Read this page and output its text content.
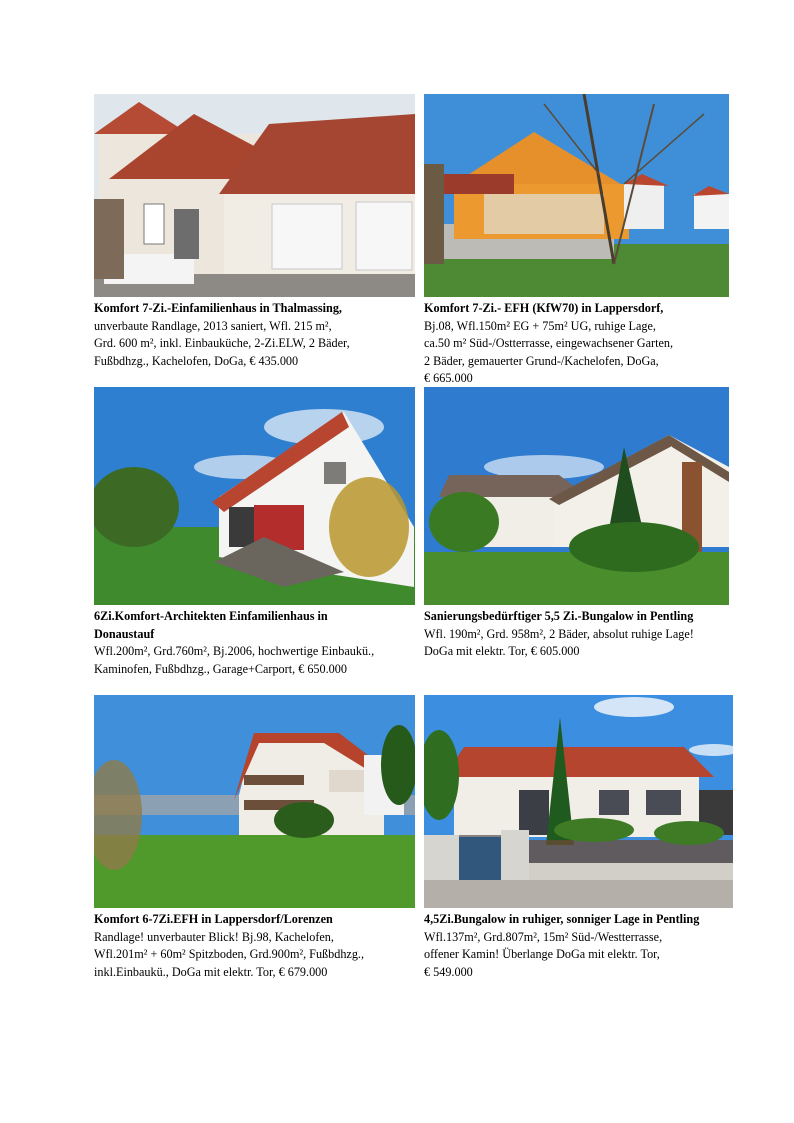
Komfort 7-Zi.-Einfamilienhaus in Thalmassing,
unverbaute Randlage, 2013 saniert, Wfl. 215 m²,
Grd. 600 m², inkl. Einbauküche, 2-Zi.ELW, 2 Bäder,
Fußbdhzg., Kachelofen, DoGa, € 435.000
Komfort 7-Zi.- EFH (KfW70) in Lappersdorf,
Bj.08, Wfl.150m² EG + 75m² UG, ruhige Lage,
ca.50 m² Süd-/Ostterrasse, eingewachsener Garten,
2 Bäder, gemauerter Grund-/Kachelofen, DoGa,
€ 665.000
6Zi.Komfort-Architekten Einfamilienhaus in
Donaustauf
Wfl.200m², Grd.760m², Bj.2006, hochwertige Einbaukü.,
Kaminofen, Fußbdhzg., Garage+Carport, € 650.000
Sanierungsbedürftiger 5,5 Zi.-Bungalow in Pentling
Wfl. 190m², Grd. 958m², 2 Bäder, absolut ruhige Lage!
DoGa mit elektr. Tor, € 605.000
Komfort 6-7Zi.EFH in Lappersdorf/Lorenzen
Randlage! unverbauter Blick! Bj.98, Kachelofen,
Wfl.201m² + 60m² Spitzboden, Grd.900m², Fußbdhzg.,
inkl.Einbaukü., DoGa mit elektr. Tor, € 679.000
4,5Zi.Bungalow in ruhiger, sonniger Lage in Pentling
Wfl.137m², Grd.807m², 15m² Süd-/Westterrasse,
offener Kamin! Überlange DoGa mit elektr. Tor,
€ 549.000
